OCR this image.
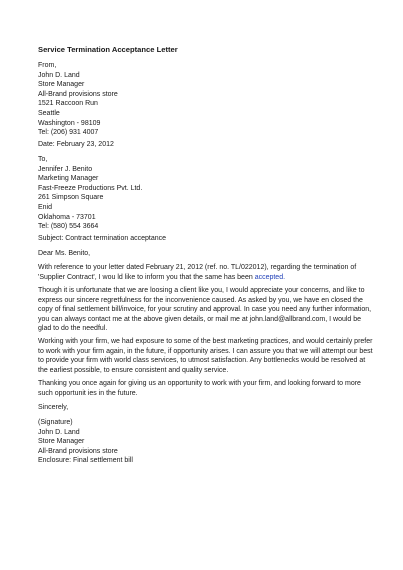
Service Termination Acceptance Letter
From,
John D. Land
Store Manager
All-Brand provisions store
1521 Raccoon Run
Seattle
Washington - 98109
Tel: (206) 931 4007
Date: February 23, 2012
To,
Jennifer J. Benito
Marketing Manager
Fast-Freeze Productions Pvt. Ltd.
261 Simpson Square
Enid
Oklahoma - 73701
Tel: (580) 554 3664
Subject: Contract termination acceptance
Dear Ms. Benito,
With reference to your letter dated February 21, 2012 (ref. no. TL/022012), regarding the termination of
'Supplier Contract', I wou ld like to inform you that the same has been accepted.
Though it is unfortunate that we are loosing a client like you, I would appreciate your concerns, and like to
express our sincere regretfulness for the inconvenience caused. As asked by you, we have en closed the
copy of final settlement bill/invoice, for your scrutiny and approval. In case you need any further information,
you can always contact me at the above given details, or mail me at john.land@allbrand.com, I would be
glad to do the needful.
Working with your firm, we had exposure to some of the best marketing practices, and would certainly prefer
to work with your firm again, in the future, if opportunity arises. I can assure you that we will attempt our best
to provide your firm with world class services, to utmost satisfaction. Any bottlenecks would be resolved at
the earliest possible, to ensure consistent and quality service.
Thanking you once again for giving us an opportunity to work with your firm, and looking forward to more
such opportunit ies in the future.
Sincerely,
(Signature)
John D. Land
Store Manager
All-Brand provisions store
Enclosure: Final settlement bill
